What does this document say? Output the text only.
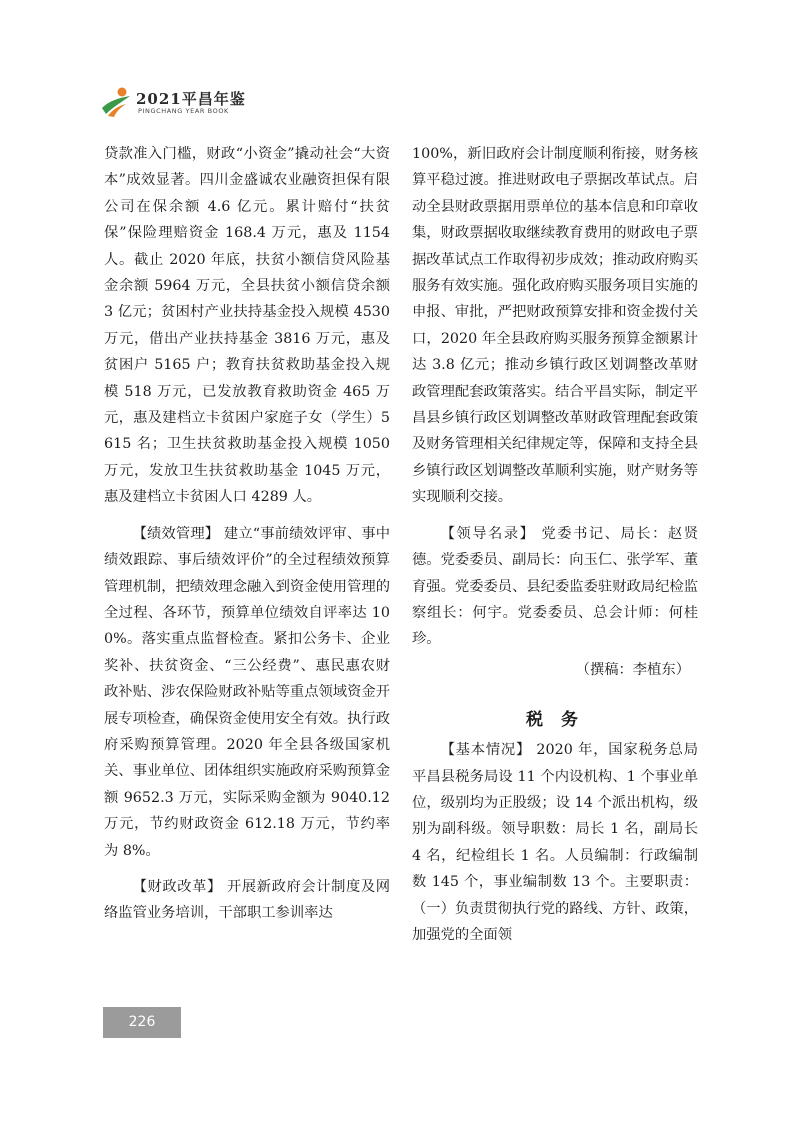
2021平昌年鉴
PINGCHANG YEAR BOOK

贷款准入门槛，财政“小资金”撬动社会“大资本”成效显著。四川金盛诚农业融资担保有限公司在保余额 4.6 亿元。累计赔付“扶贫保”保险理赔资金 168.4 万元，惠及 1154 人。截止 2020 年底，扶贫小额信贷风险基金余额 5964 万元，全县扶贫小额信贷余额 3 亿元；贫困村产业扶持基金投入规模 4530 万元，借出产业扶持基金 3816 万元，惠及贫困户 5165 户；教育扶贫救助基金投入规模 518 万元，已发放教育救助资金 465 万元，惠及建档立卡贫困户家庭子女（学生）5615 名；卫生扶贫救助基金投入规模 1050 万元，发放卫生扶贫救助基金 1045 万元，惠及建档立卡贫困人口 4289 人。

【绩效管理】 建立“事前绩效评审、事中绩效跟踪、事后绩效评价”的全过程绩效预算管理机制，把绩效理念融入到资金使用管理的全过程、各环节，预算单位绩效自评率达 100%。落实重点监督检查。紧扣公务卡、企业奖补、扶贫资金、“三公经费”、惠民惠农财政补贴、涉农保险财政补贴等重点领域资金开展专项检查，确保资金使用安全有效。执行政府采购预算管理。2020 年全县各级国家机关、事业单位、团体组织实施政府采购预算金额 9652.3 万元，实际采购金额为 9040.12 万元，节约财政资金 612.18 万元，节约率为 8%。

【财政改革】 开展新政府会计制度及网络监管业务培训，干部职工参训率达

100%，新旧政府会计制度顺利衔接，财务核算平稳过渡。推进财政电子票据改革试点。启动全县财政票据用票单位的基本信息和印章收集，财政票据收取继续教育费用的财政电子票据改革试点工作取得初步成效；推动政府购买服务有效实施。强化政府购买服务项目实施的申报、审批，严把财政预算安排和资金拨付关口，2020 年全县政府购买服务预算金额累计达 3.8 亿元；推动乡镇行政区划调整改革财政管理配套政策落实。结合平昌实际，制定平昌县乡镇行政区划调整改革财政管理配套政策及财务管理相关纪律规定等，保障和支持全县乡镇行政区划调整改革顺利实施，财产财务等实现顺利交接。

【领导名录】 党委书记、局长：赵贤德。党委委员、副局长：向玉仁、张学军、董育强。党委委员、县纪委监委驻财政局纪检监察组长：何宇。党委委员、总会计师：何桂珍。

（撰稿：李植东）
税 务

【基本情况】 2020 年，国家税务总局平昌县税务局设 11 个内设机构、1 个事业单位，级别均为正股级；设 14 个派出机构，级别为副科级。领导职数：局长 1 名，副局长 4 名，纪检组长 1 名。人员编制：行政编制数 145 个，事业编制数 13 个。主要职责：（一）负责贯彻执行党的路线、方针、政策，加强党的全面领

226
